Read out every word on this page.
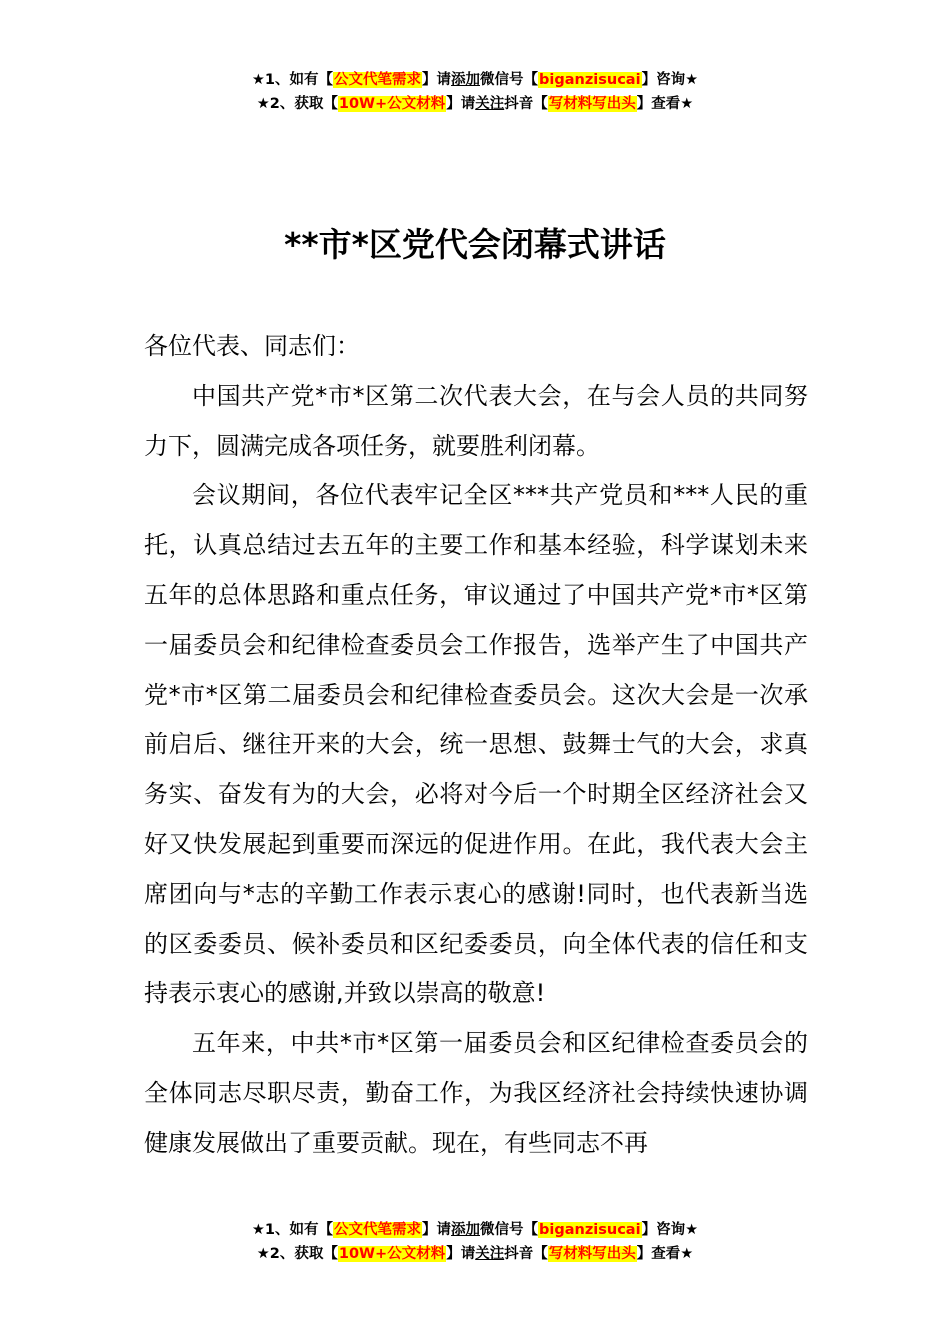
★1、如有【公文代笔需求】请添加微信号【biganzisucai】咨询★
★2、获取【10W+公文材料】请关注抖音【写材料写出头】查看★
**市*区党代会闭幕式讲话

各位代表、同志们：

中国共产党*市*区第二次代表大会，在与会人员的共同努力下，圆满完成各项任务，就要胜利闭幕。

会议期间，各位代表牢记全区***共产党员和***人民的重托，认真总结过去五年的主要工作和基本经验，科学谋划未来五年的总体思路和重点任务，审议通过了中国共产党*市*区第一届委员会和纪律检查委员会工作报告，选举产生了中国共产党*市*区第二届委员会和纪律检查委员会。这次大会是一次承前启后、继往开来的大会，统一思想、鼓舞士气的大会，求真务实、奋发有为的大会，必将对今后一个时期全区经济社会又好又快发展起到重要而深远的促进作用。在此，我代表大会主席团向与*志的辛勤工作表示衷心的感谢!同时，也代表新当选的区委委员、候补委员和区纪委委员，向全体代表的信任和支持表示衷心的感谢,并致以崇高的敬意!

五年来，中共*市*区第一届委员会和区纪律检查委员会的全体同志尽职尽责，勤奋工作，为我区经济社会持续快速协调健康发展做出了重要贡献。现在，有些同志不再

★1、如有【公文代笔需求】请添加微信号【biganzisucai】咨询★
★2、获取【10W+公文材料】请关注抖音【写材料写出头】查看★
